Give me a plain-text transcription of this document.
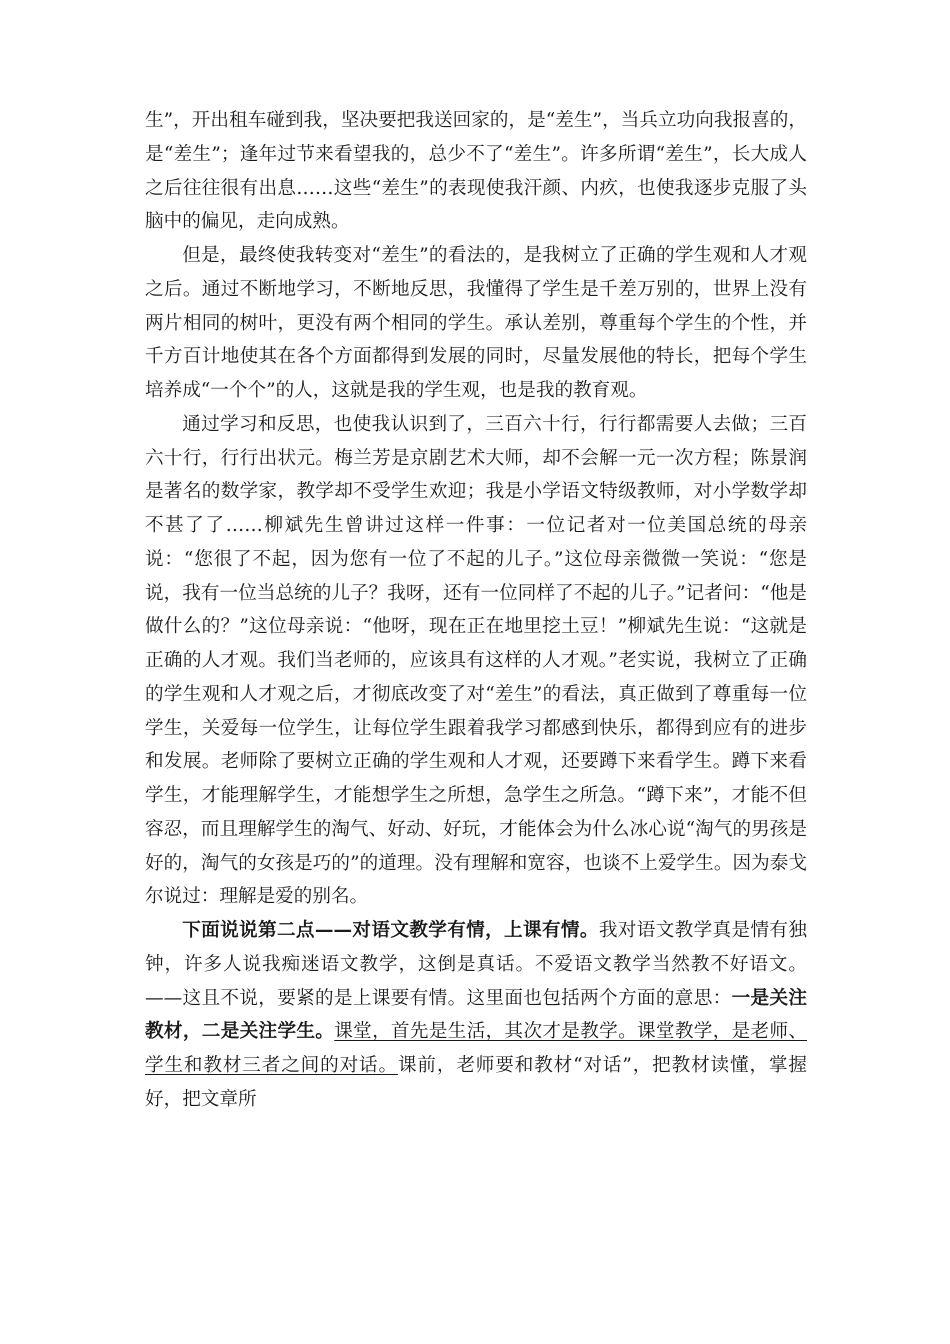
生”，开出租车碰到我，坚决要把我送回家的，是“差生”，当兵立功向我报喜的，是“差生”；逢年过节来看望我的，总少不了“差生”。许多所谓“差生”，长大成人之后往往很有出息……这些“差生”的表现使我汗颜、内疚，也使我逐步克服了头脑中的偏见，走向成熟。

但是，最终使我转变对“差生”的看法的，是我树立了正确的学生观和人才观之后。通过不断地学习，不断地反思，我懂得了学生是千差万别的，世界上没有两片相同的树叶，更没有两个相同的学生。承认差别，尊重每个学生的个性，并千方百计地使其在各个方面都得到发展的同时，尽量发展他的特长，把每个学生培养成“一个个”的人，这就是我的学生观，也是我的教育观。

通过学习和反思，也使我认识到了，三百六十行，行行都需要人去做；三百六十行，行行出状元。梅兰芳是京剧艺术大师，却不会解一元一次方程；陈景润是著名的数学家，教学却不受学生欢迎；我是小学语文特级教师，对小学数学却不甚了了……柳斌先生曾讲过这样一件事：一位记者对一位美国总统的母亲说：“您很了不起，因为您有一位了不起的儿子。”这位母亲微微一笑说：“您是说，我有一位当总统的儿子？我呀，还有一位同样了不起的儿子。”记者问：“他是做什么的？”这位母亲说：“他呀，现在正在地里挖土豆！”柳斌先生说：“这就是正确的人才观。我们当老师的，应该具有这样的人才观。”老实说，我树立了正确的学生观和人才观之后，才彻底改变了对“差生”的看法，真正做到了尊重每一位学生，关爱每一位学生，让每位学生跟着我学习都感到快乐，都得到应有的进步和发展。老师除了要树立正确的学生观和人才观，还要蹲下来看学生。蹲下来看学生，才能理解学生，才能想学生之所想，急学生之所急。“蹲下来”，才能不但容忍，而且理解学生的淘气、好动、好玩，才能体会为什么冰心说“淘气的男孩是好的，淘气的女孩是巧的”的道理。没有理解和宽容，也谈不上爱学生。因为泰戈尔说过：理解是爱的别名。

下面说说第二点——对语文教学有情，上课有情。我对语文教学真是情有独钟，许多人说我痴迷语文教学，这倒是真话。不爱语文教学当然教不好语文。——这且不说，要紧的是上课要有情。这里面也包括两个方面的意思：一是关注教材，二是关注学生。课堂，首先是生活，其次才是教学。课堂教学，是老师、学生和教材三者之间的对话。课前，老师要和教材“对话”，把教材读懂，掌握好，把文章所
